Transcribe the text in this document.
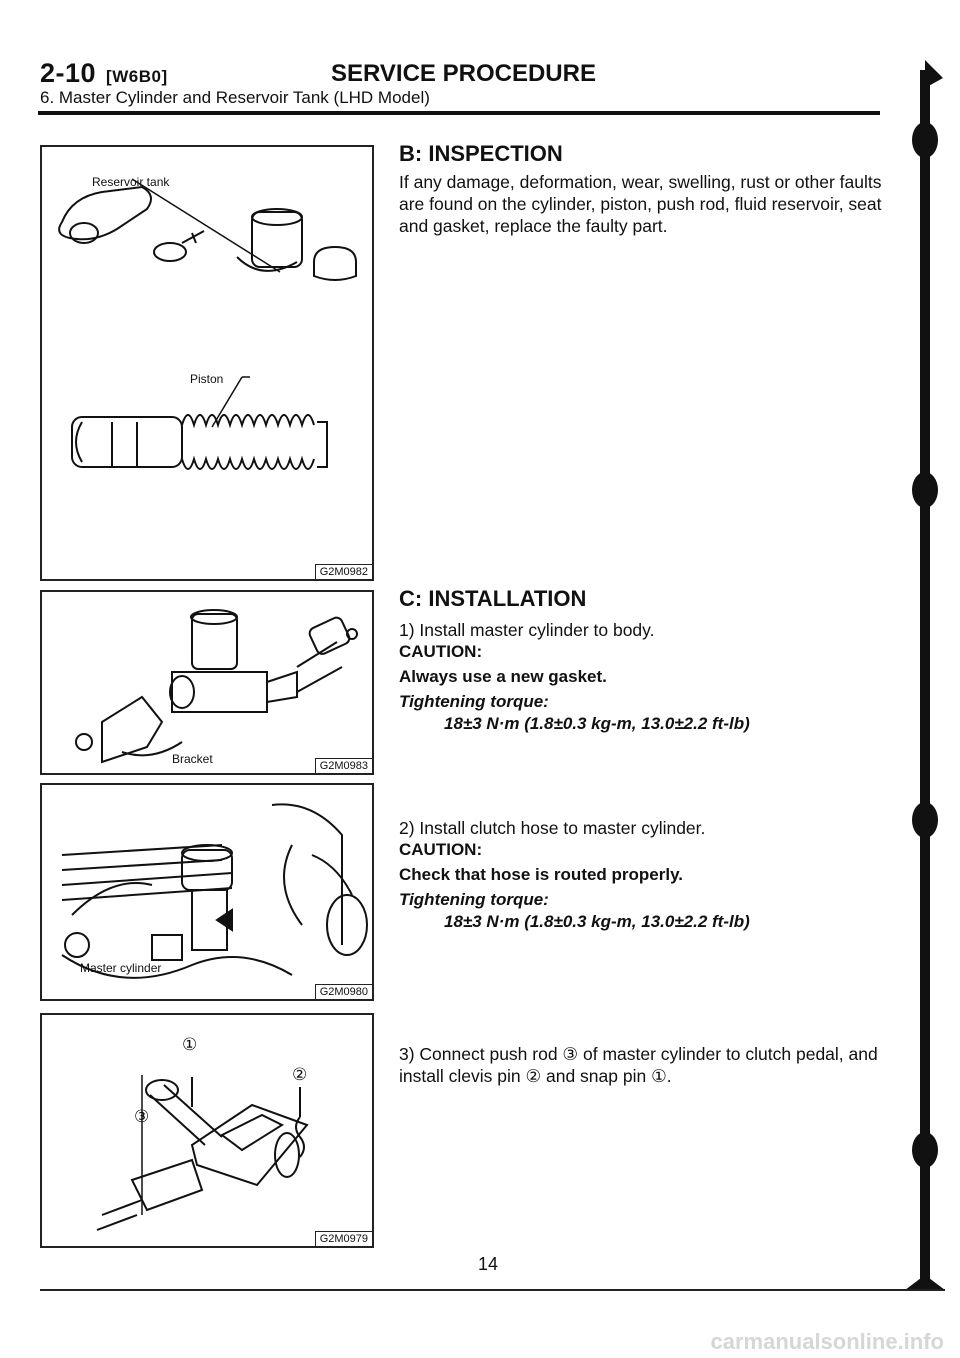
2-10 [W6B0]	SERVICE PROCEDURE
6. Master Cylinder and Reservoir Tank (LHD Model)
Reservoir tank
Piston
G2M0982
Bracket	G2M0983
Master cylinder
G2M0980
①
②
③
G2M0979
B: INSPECTION
If any damage, deformation, wear, swelling, rust or other faults are found on the cylinder, piston, push rod, fluid reservoir, seat and gasket, replace the faulty part.
C: INSTALLATION
1) Install master cylinder to body.
CAUTION:
Always use a new gasket.
Tightening torque:
18±3 N·m (1.8±0.3 kg-m, 13.0±2.2 ft-lb)
2) Install clutch hose to master cylinder.
CAUTION:
Check that hose is routed properly.
Tightening torque:
18±3 N·m (1.8±0.3 kg-m, 13.0±2.2 ft-lb)
3) Connect push rod ③ of master cylinder to clutch pedal, and install clevis pin ② and snap pin ①.
14
carmanualsonline.info
